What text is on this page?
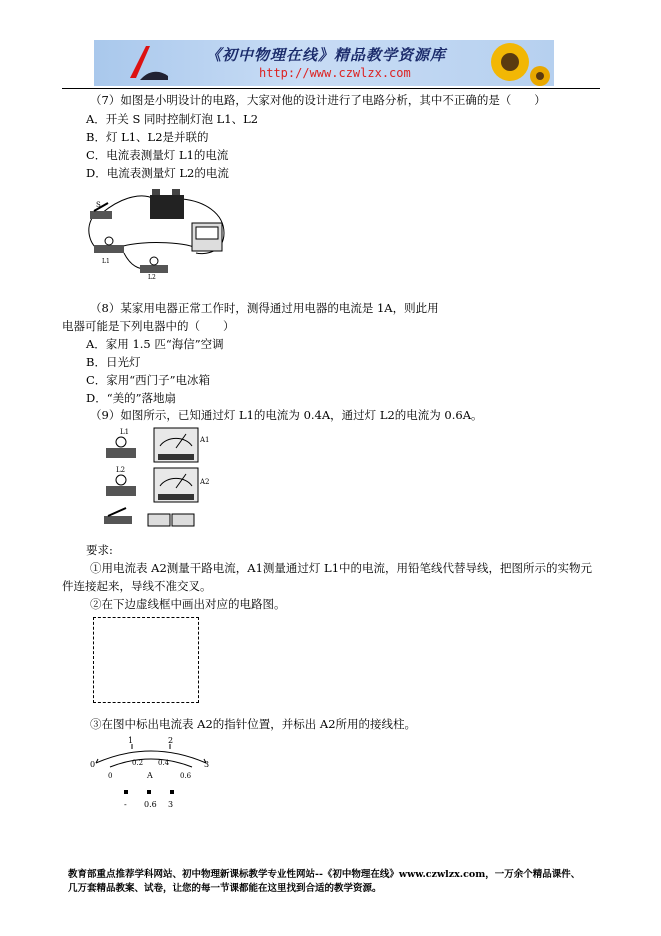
《初中物理在线》精品教学资源库
http://www.czwlzx.com
（7）如图是小明设计的电路，大家对他的设计进行了电路分析，其中不正确的是（　　）
A．开关 S 同时控制灯泡 L1、L2
B．灯 L1、L2是并联的
C．电流表测量灯 L1的电流
D．电流表测量灯 L2的电流
S
L1
L2
（8）某家用电器正常工作时，测得通过用电器的电流是 1A，则此用
电器可能是下列电器中的（　　）
A．家用 1.5 匹“海信”空调
B．日光灯
C．家用“西门子”电冰箱
D．“美的”落地扇
（9）如图所示，已知通过灯 L1的电流为 0.4A，通过灯 L2的电流为 0.6A。
L1
A1
L2
A2
要求:
①用电流表 A2测量干路电流，A1测量通过灯 L1中的电流，用铅笔线代替导线，把图所示的实物元
件连接起来，导线不准交叉。
②在下边虚线框中画出对应的电路图。
③在图中标出电流表 A2的指针位置，并标出 A2所用的接线柱。
0
1	2
3
0
0.2 0.4
0.6
A
- 0.6 3
教育部重点推荐学科网站、初中物理新课标教学专业性网站--《初中物理在线》www.czwlzx.com，一万余个精品课件、
几万套精品教案、试卷，让您的每一节课都能在这里找到合适的教学资源。
